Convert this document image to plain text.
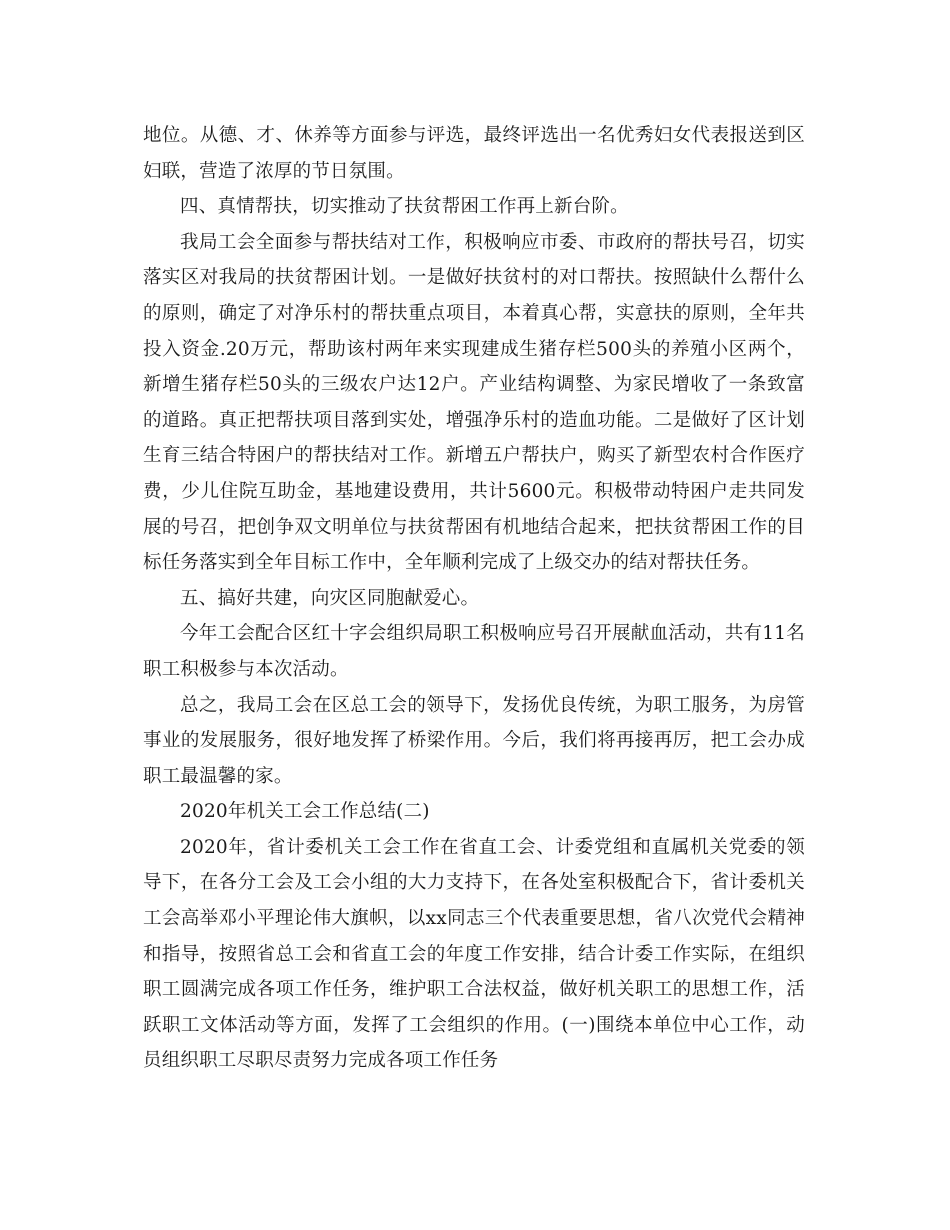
地位。从德、才、休养等方面参与评选，最终评选出一名优秀妇女代表报送到区妇联，营造了浓厚的节日氛围。

四、真情帮扶，切实推动了扶贫帮困工作再上新台阶。

我局工会全面参与帮扶结对工作，积极响应市委、市政府的帮扶号召，切实落实区对我局的扶贫帮困计划。一是做好扶贫村的对口帮扶。按照缺什么帮什么的原则，确定了对净乐村的帮扶重点项目，本着真心帮，实意扶的原则，全年共投入资金.20万元，帮助该村两年来实现建成生猪存栏500头的养殖小区两个，新增生猪存栏50头的三级农户达12户。产业结构调整、为家民增收了一条致富的道路。真正把帮扶项目落到实处，增强净乐村的造血功能。二是做好了区计划生育三结合特困户的帮扶结对工作。新增五户帮扶户，购买了新型农村合作医疗费，少儿住院互助金，基地建设费用，共计5600元。积极带动特困户走共同发展的号召，把创争双文明单位与扶贫帮困有机地结合起来，把扶贫帮困工作的目标任务落实到全年目标工作中，全年顺利完成了上级交办的结对帮扶任务。

五、搞好共建，向灾区同胞献爱心。

今年工会配合区红十字会组织局职工积极响应号召开展献血活动，共有11名职工积极参与本次活动。

总之，我局工会在区总工会的领导下，发扬优良传统，为职工服务，为房管事业的发展服务，很好地发挥了桥梁作用。今后，我们将再接再厉，把工会办成职工最温馨的家。

2020年机关工会工作总结(二)

2020年，省计委机关工会工作在省直工会、计委党组和直属机关党委的领导下，在各分工会及工会小组的大力支持下，在各处室积极配合下，省计委机关工会高举邓小平理论伟大旗帜，以xx同志三个代表重要思想，省八次党代会精神和指导，按照省总工会和省直工会的年度工作安排，结合计委工作实际，在组织职工圆满完成各项工作任务，维护职工合法权益，做好机关职工的思想工作，活跃职工文体活动等方面，发挥了工会组织的作用。(一)围绕本单位中心工作，动员组织职工尽职尽责努力完成各项工作任务
